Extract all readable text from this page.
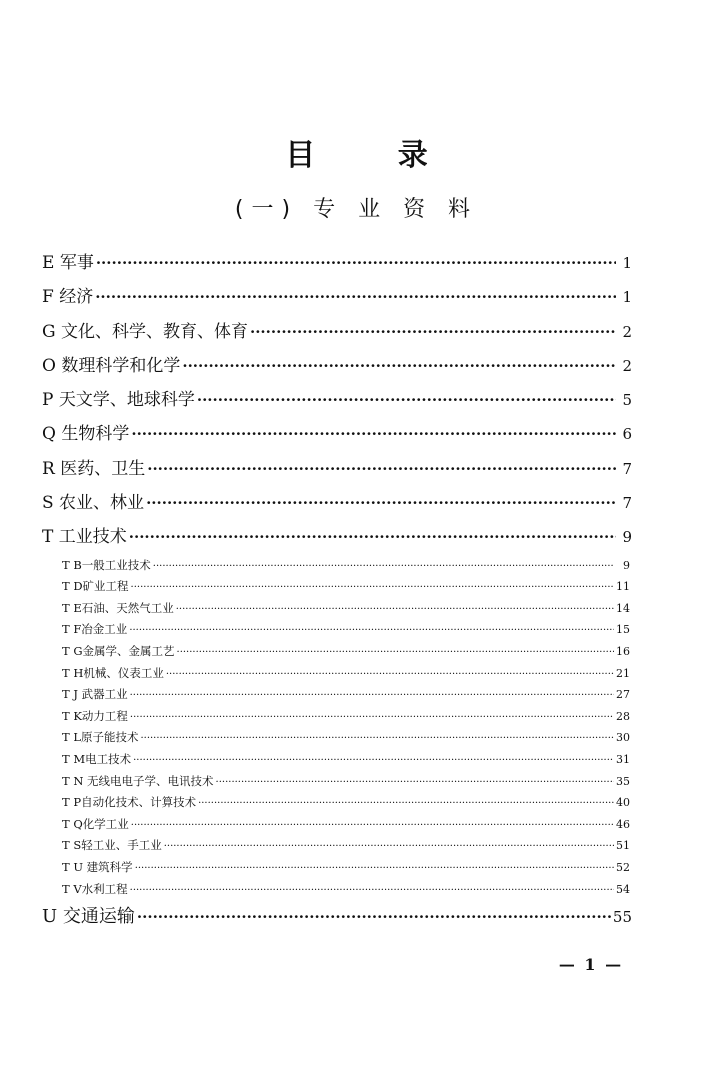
目 录
(一) 专 业 资 料
E 军事 ·····	1
F 经济 ·····	1
G 文化、科学、教育、体育 ·····	2
O 数理科学和化学 ·····	2
P 天文学、地球科学 ·····	5
Q 生物科学 ·····	6
R 医药、卫生 ·····	7
S 农业、林业 ·····	7
T 工业技术 ·····	9
T B一般工业技术 ·····	9
T D矿业工程 ·····	11
T E石油、天然气工业 ·····	14
T F冶金工业 ·····	15
T G金属学、金属工艺 ·····	16
T H机械、仪表工业 ·····	21
T J 武器工业 ·····	27
T K动力工程 ·····	28
T L原子能技术 ·····	30
T M电工技术 ·····	31
T N 无线电电子学、电讯技术 ·····	35
T P自动化技术、计算技术 ·····	40
T Q化学工业 ·····	46
T S轻工业、手工业 ·····	51
T U 建筑科学 ·····	52
T V水利工程 ·····	54
U 交通运输 ·····	55
— 1 —
